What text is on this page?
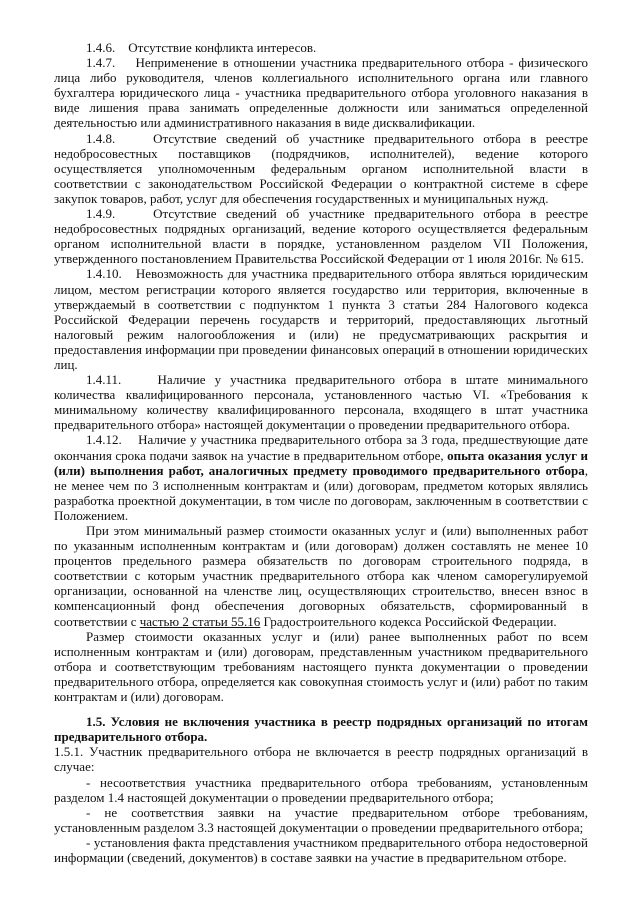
1.4.6. Отсутствие конфликта интересов.

1.4.7. Неприменение в отношении участника предварительного отбора - физического лица либо руководителя, членов коллегиального исполнительного органа или главного бухгалтера юридического лица - участника предварительного отбора уголовного наказания в виде лишения права занимать определенные должности или заниматься определенной деятельностью или административного наказания в виде дисквалификации.

1.4.8.	Отсутствие сведений об участнике предварительного отбора в реестре недобросовестных поставщиков (подрядчиков, исполнителей), ведение которого осуществляется уполномоченным федеральным органом исполнительной власти в соответствии с законодательством Российской Федерации о контрактной системе в сфере закупок товаров, работ, услуг для обеспечения государственных и муниципальных нужд.

1.4.9.	Отсутствие сведений об участнике предварительного отбора в реестре недобросовестных подрядных организаций, ведение которого осуществляется федеральным органом исполнительной власти в порядке, установленном разделом VII Положения, утвержденного постановлением Правительства Российской Федерации от 1 июля 2016г. № 615.

1.4.10. Невозможность для участника предварительного отбора являться юридическим лицом, местом регистрации которого является государство или территория, включенные в утверждаемый в соответствии с подпунктом 1 пункта 3 статьи 284 Налогового кодекса Российской Федерации перечень государств и территорий, предоставляющих льготный налоговый режим налогообложения и (или) не предусматривающих раскрытия и предоставления информации при проведении финансовых операций в отношении юридических лиц.

1.4.11.	Наличие у участника предварительного отбора в штате минимального количества квалифицированного персонала, установленного частью VI. «Требования к минимальному количеству квалифицированного персонала, входящего в штат участника предварительного отбора» настоящей документации о проведении предварительного отбора.

1.4.12. Наличие у участника предварительного отбора за 3 года, предшествующие дате окончания срока подачи заявок на участие в предварительном отборе, опыта оказания услуг и (или) выполнения работ, аналогичных предмету проводимого предварительного отбора, не менее чем по 3 исполненным контрактам и (или) договорам, предметом которых являлись разработка проектной документации, в том числе по договорам, заключенным в соответствии с Положением.

При этом минимальный размер стоимости оказанных услуг и (или) выполненных работ по указанным исполненным контрактам и (или договорам) должен составлять не менее 10 процентов предельного размера обязательств по договорам строительного подряда, в соответствии с которым участник предварительного отбора как членом саморегулируемой организации, основанной на членстве лиц, осуществляющих строительство, внесен взнос в компенсационный фонд обеспечения договорных обязательств, сформированный в соответствии с частью 2 статьи 55.16 Градостроительного кодекса Российской Федерации.

Размер стоимости оказанных услуг и (или) ранее выполненных работ по всем исполненным контрактам и (или) договорам, представленным участником предварительного отбора и соответствующим требованиям настоящего пункта документации о проведении предварительного отбора, определяется как совокупная стоимость услуг и (или) работ по таким контрактам и (или) договорам.

1.5. Условия не включения участника в реестр подрядных организаций по итогам предварительного отбора.

1.5.1. Участник предварительного отбора не включается в реестр подрядных организаций в случае:

- несоответствия участника предварительного отбора требованиям, установленным разделом 1.4 настоящей документации о проведении предварительного отбора;

- не соответствия заявки на участие предварительном отборе требованиям, установленным разделом 3.3 настоящей документации о проведении предварительного отбора;

- установления факта представления участником предварительного отбора недостоверной информации (сведений, документов) в составе заявки на участие в предварительном отборе.
